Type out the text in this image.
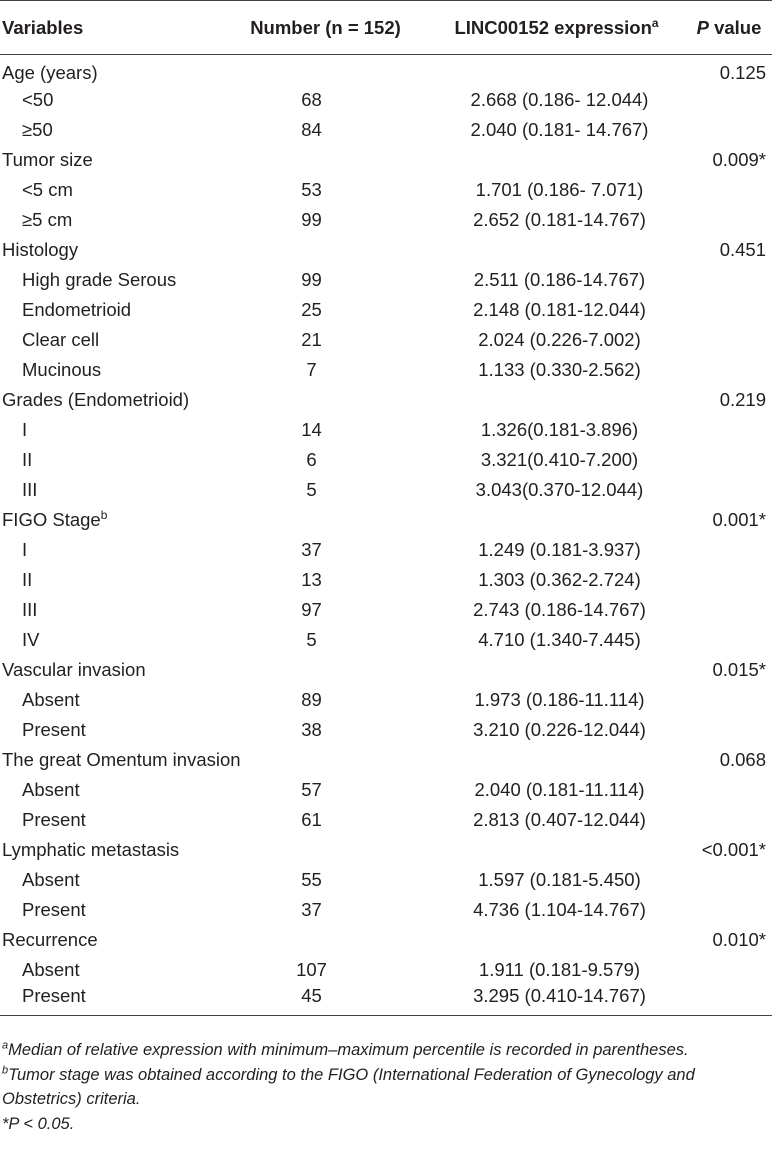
Variables	Number (n = 152)	LINC00152 expression$^a$	P value
Age (years)			0.125
<50	68	2.668 (0.186- 12.044)	
≥50	84	2.040 (0.181- 14.767)	
Tumor size			0.009*
<5 cm	53	1.701 (0.186- 7.071)	
≥5 cm	99	2.652 (0.181-14.767)	
Histology			0.451
High grade Serous	99	2.511 (0.186-14.767)	
Endometrioid	25	2.148 (0.181-12.044)	
Clear cell	21	2.024 (0.226-7.002)	
Mucinous	7	1.133 (0.330-2.562)	
Grades (Endometrioid)			0.219
I	14	1.326(0.181-3.896)	
II	6	3.321(0.410-7.200)	
III	5	3.043(0.370-12.044)	
FIGO Stage$^b$			0.001*
I	37	1.249 (0.181-3.937)	
II	13	1.303 (0.362-2.724)	
III	97	2.743 (0.186-14.767)	
IV	5	4.710 (1.340-7.445)	
Vascular invasion			0.015*
Absent	89	1.973 (0.186-11.114)	
Present	38	3.210 (0.226-12.044)	
The great Omentum invasion			0.068
Absent	57	2.040 (0.181-11.114)	
Present	61	2.813 (0.407-12.044)	
Lymphatic metastasis			<0.001*
Absent	55	1.597 (0.181-5.450)	
Present	37	4.736 (1.104-14.767)	
Recurrence			0.010*
Absent	107	1.911 (0.181-9.579)	
Present	45	3.295 (0.410-14.767)	

$^a$Median of relative expression with minimum–maximum percentile is recorded in parentheses.

$^b$Tumor stage was obtained according to the FIGO (International Federation of Gynecology and Obstetrics) criteria.

*P < 0.05.
